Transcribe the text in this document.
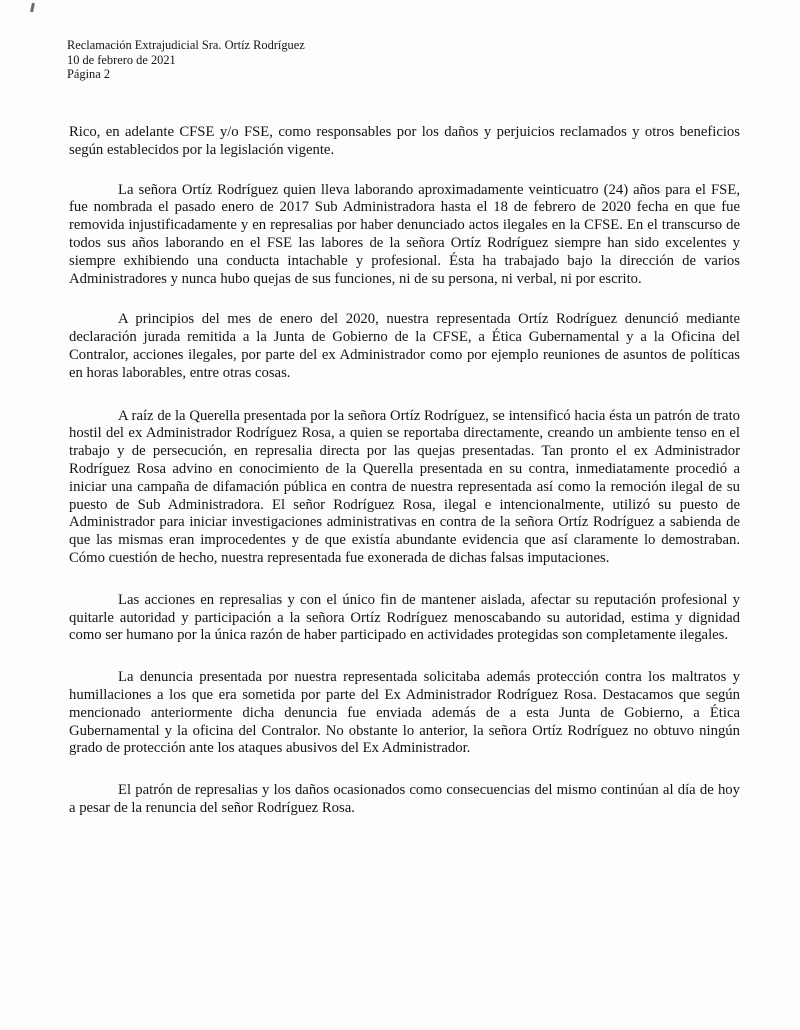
Reclamación Extrajudicial Sra. Ortíz Rodríguez
10 de febrero de 2021
Página 2

Rico, en adelante CFSE y/o FSE, como responsables por los daños y perjuicios reclamados y otros beneficios según establecidos por la legislación vigente.

La señora Ortíz Rodríguez quien lleva laborando aproximadamente veinticuatro (24) años para el FSE, fue nombrada el pasado enero de 2017 Sub Administradora hasta el 18 de febrero de 2020 fecha en que fue removida injustificadamente y en represalias por haber denunciado actos ilegales en la CFSE. En el transcurso de todos sus años laborando en el FSE las labores de la señora Ortíz Rodríguez siempre han sido excelentes y siempre exhibiendo una conducta intachable y profesional. Ésta ha trabajado bajo la dirección de varios Administradores y nunca hubo quejas de sus funciones, ni de su persona, ni verbal, ni por escrito.

A principios del mes de enero del 2020, nuestra representada Ortíz Rodríguez denunció mediante declaración jurada remitida a la Junta de Gobierno de la CFSE, a Ética Gubernamental y a la Oficina del Contralor, acciones ilegales, por parte del ex Administrador como por ejemplo reuniones de asuntos de políticas en horas laborables, entre otras cosas.

A raíz de la Querella presentada por la señora Ortíz Rodríguez, se intensificó hacia ésta un patrón de trato hostil del ex Administrador Rodríguez Rosa, a quien se reportaba directamente, creando un ambiente tenso en el trabajo y de persecución, en represalia directa por las quejas presentadas. Tan pronto el ex Administrador Rodríguez Rosa advino en conocimiento de la Querella presentada en su contra, inmediatamente procedió a iniciar una campaña de difamación pública en contra de nuestra representada así como la remoción ilegal de su puesto de Sub Administradora. El señor Rodríguez Rosa, ilegal e intencionalmente, utilizó su puesto de Administrador para iniciar investigaciones administrativas en contra de la señora Ortíz Rodríguez a sabienda de que las mismas eran improcedentes y de que existía abundante evidencia que así claramente lo demostraban. Cómo cuestión de hecho, nuestra representada fue exonerada de dichas falsas imputaciones.

Las acciones en represalias y con el único fin de mantener aislada, afectar su reputación profesional y quitarle autoridad y participación a la señora Ortíz Rodríguez menoscabando su autoridad, estima y dignidad como ser humano por la única razón de haber participado en actividades protegidas son completamente ilegales.

La denuncia presentada por nuestra representada solicitaba además protección contra los maltratos y humillaciones a los que era sometida por parte del Ex Administrador Rodríguez Rosa. Destacamos que según mencionado anteriormente dicha denuncia fue enviada además de a esta Junta de Gobierno, a Ética Gubernamental y la oficina del Contralor. No obstante lo anterior, la señora Ortíz Rodríguez no obtuvo ningún grado de protección ante los ataques abusivos del Ex Administrador.

El patrón de represalias y los daños ocasionados como consecuencias del mismo continúan al día de hoy a pesar de la renuncia del señor Rodríguez Rosa.
